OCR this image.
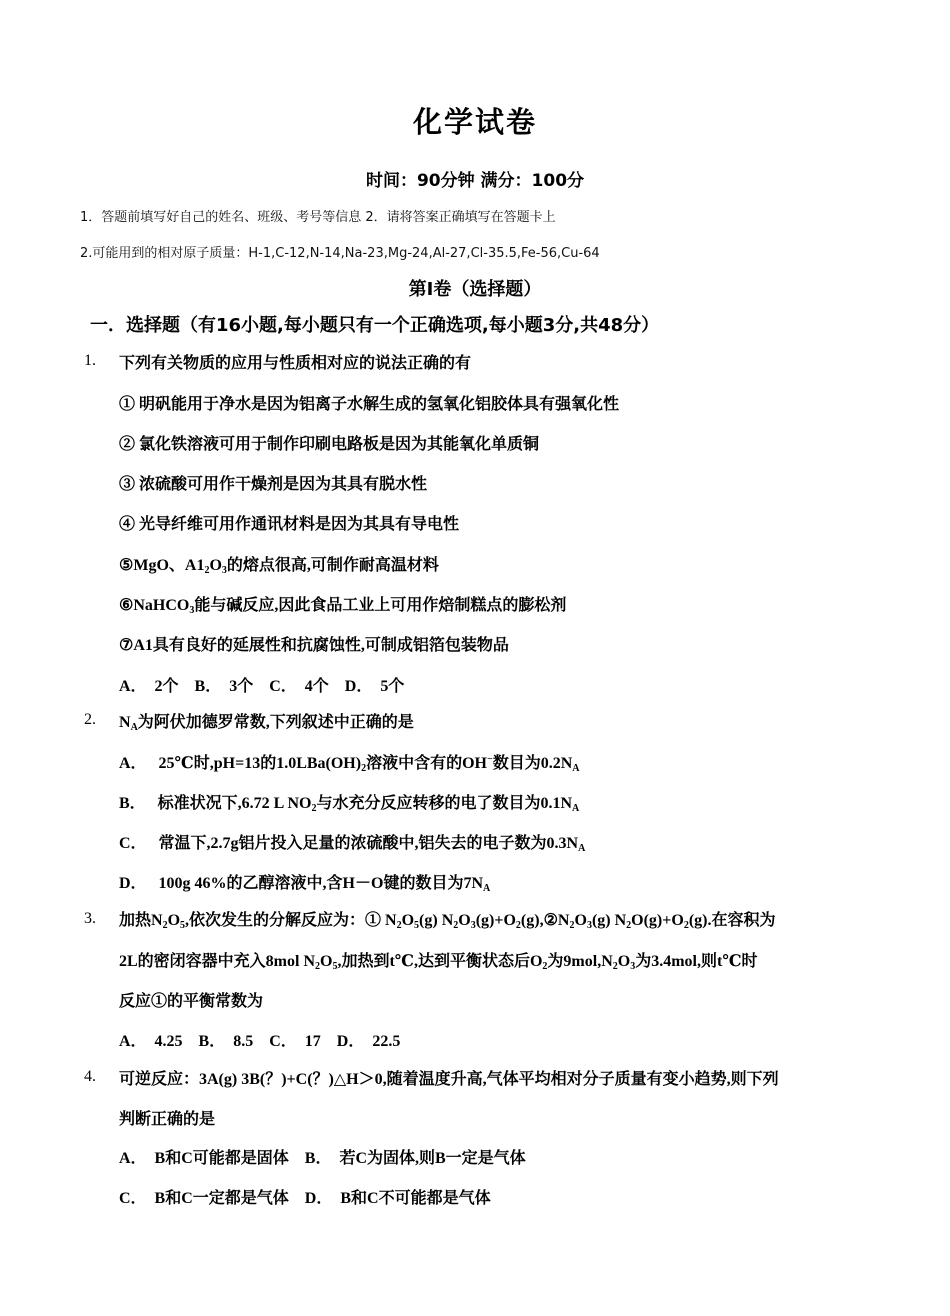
化学试卷
时间：90分钟 满分：100分
1．答题前填写好自己的姓名、班级、考号等信息 2．请将答案正确填写在答题卡上
2.可能用到的相对原子质量：H-1,C-12,N-14,Na-23,Mg-24,Al-27,Cl-35.5,Fe-56,Cu-64
第Ⅰ卷（选择题）
一．选择题（有16小题,每小题只有一个正确选项,每小题3分,共48分）
1. 下列有关物质的应用与性质相对应的说法正确的有
① 明矾能用于净水是因为铝离子水解生成的氢氧化铝胶体具有强氧化性
② 氯化铁溶液可用于制作印刷电路板是因为其能氧化单质铜
③ 浓硫酸可用作干燥剂是因为其具有脱水性
④ 光导纤维可用作通讯材料是因为其具有导电性
⑤MgO、$A1_2O_3$的熔点很高,可制作耐高温材料
⑥NaHCO$_3$能与碱反应,因此食品工业上可用作焙制糕点的膨松剂
⑦A1具有良好的延展性和抗腐蚀性,可制成铝箔包装物品
A．  2个    B．  3个    C．  4个    D．  5个
2. $N_A$为阿伏加德罗常数,下列叙述中正确的是
A．   25℃时,pH=13的$1.0LBa(OH)_2$溶液中含有的OH−数目为$0.2N_A$
B．   标准状况下,6.72 L $NO_2$与水充分反应转移的电了数目为$0.1N_A$
C．   常温下,2.7g铝片投入足量的浓硫酸中,铝失去的电子数为$0.3N_A$
D．   100g 46%的乙醇溶液中,含H－O键的数目为$7N_A$
3. 加热$N_2O_5$,依次发生的分解反应为：① $N_2O_5(g)$ $N_2O_3(g)+O_2(g),②N_2O_3(g)$ $N_2O(g)+O_2(g)$.在容积为
2L的密闭容器中充入8mol $N_2O_5$,加热到t℃,达到平衡状态后$O_2$为$9mol,N_2O_3$为3.4mol,则t℃时
反应①的平衡常数为
A．  4.25    B．  8.5    C．  17    D．  22.5
4. 可逆反应：3A(g) 3B(？)+C(？)△H＞0,随着温度升高,气体平均相对分子质量有变小趋势,则下列
判断正确的是
A．  B和C可能都是固体    B．  若C为固体,则B一定是气体
C．  B和C一定都是气体    D．  B和C不可能都是气体
